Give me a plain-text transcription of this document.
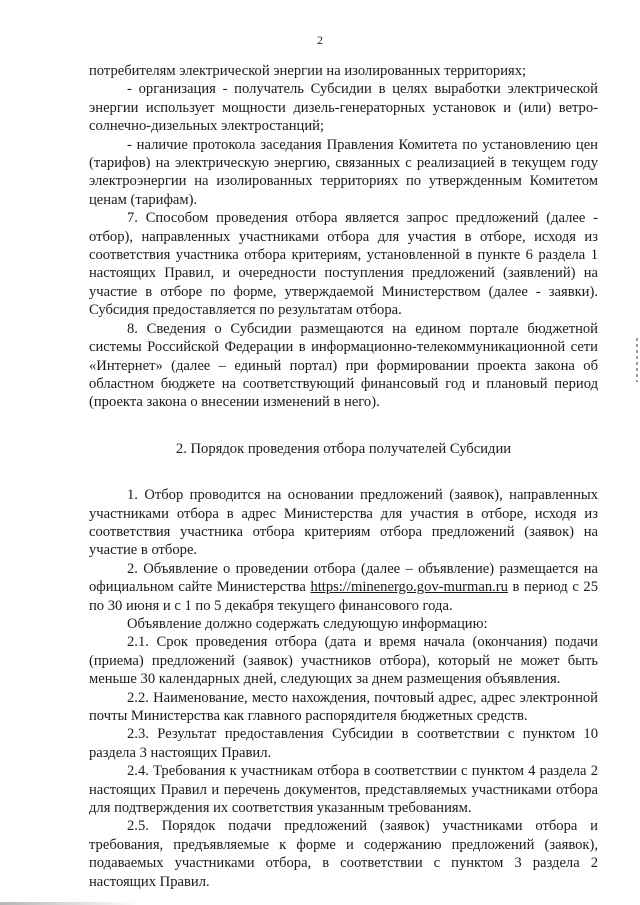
2

потребителям электрической энергии на изолированных территориях;

- организация - получатель Субсидии в целях выработки электрической энергии использует мощности дизель-генераторных установок и (или) ветро-солнечно-дизельных электростанций;

- наличие протокола заседания Правления Комитета по установлению цен (тарифов) на электрическую энергию, связанных с реализацией в текущем году электроэнергии на изолированных территориях по утвержденным Комитетом ценам (тарифам).

7. Способом проведения отбора является запрос предложений (далее - отбор), направленных участниками отбора для участия в отборе, исходя из соответствия участника отбора критериям, установленной в пункте 6 раздела 1 настоящих Правил, и очередности поступления предложений (заявлений) на участие в отборе по форме, утверждаемой Министерством (далее - заявки). Субсидия предоставляется по результатам отбора.

8. Сведения о Субсидии размещаются на едином портале бюджетной системы Российской Федерации в информационно-телекоммуникационной сети «Интернет» (далее – единый портал) при формировании проекта закона об областном бюджете на соответствующий финансовый год и плановый период (проекта закона о внесении изменений в него).

2. Порядок проведения отбора получателей Субсидии

1. Отбор проводится на основании предложений (заявок), направленных участниками отбора в адрес Министерства для участия в отборе, исходя из соответствия участника отбора критериям отбора предложений (заявок) на участие в отборе.

2. Объявление о проведении отбора (далее – объявление) размещается на официальном сайте Министерства https://minenergo.gov-murman.ru в период с 25 по 30 июня и с 1 по 5 декабря текущего финансового года.

Объявление должно содержать следующую информацию:

2.1. Срок проведения отбора (дата и время начала (окончания) подачи (приема) предложений (заявок) участников отбора), который не может быть меньше 30 календарных дней, следующих за днем размещения объявления.

2.2. Наименование, место нахождения, почтовый адрес, адрес электронной почты Министерства как главного распорядителя бюджетных средств.

2.3. Результат предоставления Субсидии в соответствии с пунктом 10 раздела 3 настоящих Правил.

2.4. Требования к участникам отбора в соответствии с пунктом 4 раздела 2 настоящих Правил и перечень документов, представляемых участниками отбора для подтверждения их соответствия указанным требованиям.

2.5. Порядок подачи предложений (заявок) участниками отбора и требования, предъявляемые к форме и содержанию предложений (заявок), подаваемых участниками отбора, в соответствии с пунктом 3 раздела 2 настоящих Правил.
